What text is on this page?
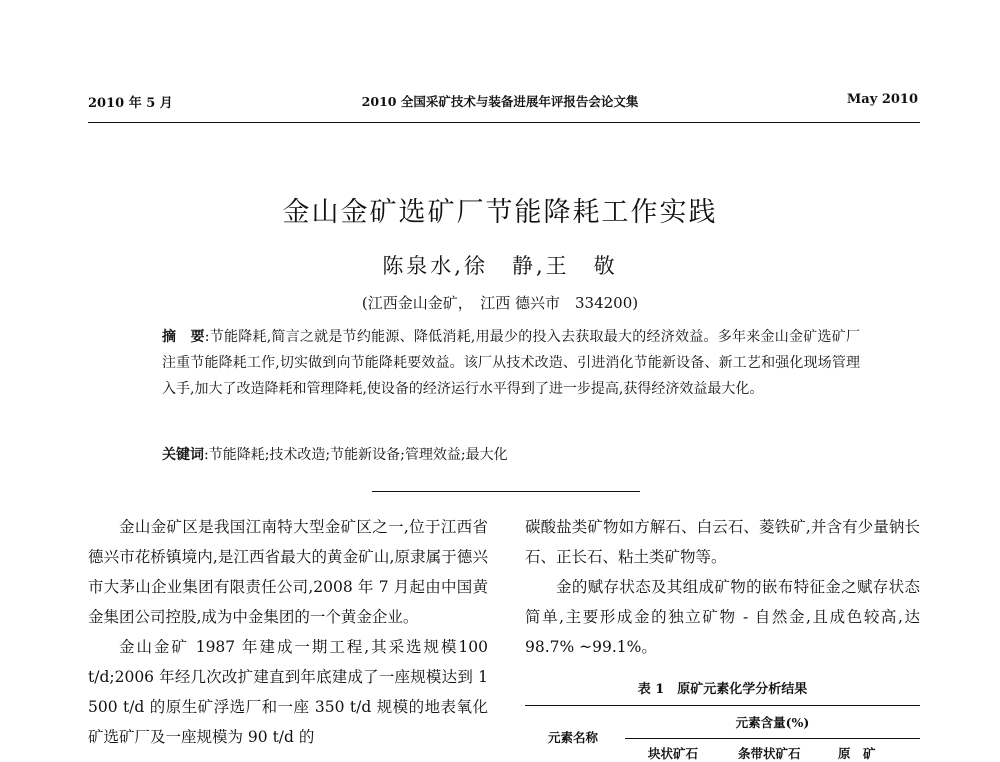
2010 年 5 月	2010 全国采矿技术与装备进展年评报告会论文集	May 2010
金山金矿选矿厂节能降耗工作实践
陈泉水,徐　静,王　敬
(江西金山金矿，　江西 德兴市　334200)
摘　要:节能降耗,简言之就是节约能源、降低消耗,用最少的投入去获取最大的经济效益。多年来金山金矿选矿厂注重节能降耗工作,切实做到向节能降耗要效益。该厂从技术改造、引进消化节能新设备、新工艺和强化现场管理入手,加大了改造降耗和管理降耗,使设备的经济运行水平得到了进一步提高,获得经济效益最大化。
关键词:节能降耗;技术改造;节能新设备;管理效益;最大化

金山金矿区是我国江南特大型金矿区之一,位于江西省德兴市花桥镇境内,是江西省最大的黄金矿山,原隶属于德兴市大茅山企业集团有限责任公司,2008 年 7 月起由中国黄金集团公司控股,成为中金集团的一个黄金企业。

金山金矿 1987 年建成一期工程,其采选规模100 t/d;2006 年经几次改扩建直到年底建成了一座规模达到 1 500 t/d 的原生矿浮选厂和一座 350 t/d 规模的地表氧化矿选矿厂及一座规模为 90 t/d 的

碳酸盐类矿物如方解石、白云石、菱铁矿,并含有少量钠长石、正长石、粘土类矿物等。

金的赋存状态及其组成矿物的嵌布特征金之赋存状态简单,主要形成金的独立矿物 - 自然金,且成色较高,达 98.7% ~99.1%。

表 1　原矿元素化学分析结果
元素名称
元素含量(%)
块状矿石	条带状矿石	原　矿
